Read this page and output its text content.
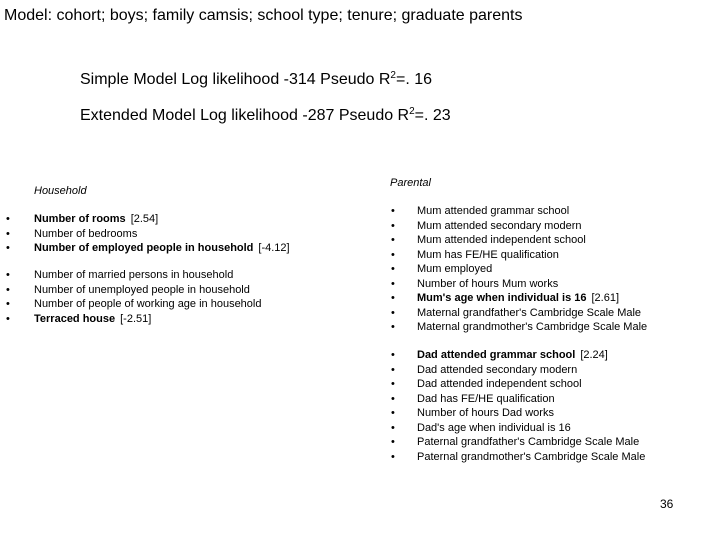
Model: cohort; boys; family camsis; school type; tenure; graduate parents
Simple Model Log likelihood -314 Pseudo $R^2=$. 16
Extended Model Log likelihood -287 Pseudo $R^2=$. 23
Household
• Number of rooms [2.54]
• Number of bedrooms
• Number of employed people in household [-4.12]
• Number of married persons in household
• Number of unemployed people in household
• Number of people of working age in household
• Terraced house [-2.51]
Parental
• Mum attended grammar school
• Mum attended secondary modern
• Mum attended independent school
• Mum has FE/HE qualification
• Mum employed
• Number of hours Mum works
• Mum's age when individual is 16 [2.61]
• Maternal grandfather's Cambridge Scale Male
• Maternal grandmother's Cambridge Scale Male
• Dad attended grammar school [2.24]
• Dad attended secondary modern
• Dad attended independent school
• Dad has FE/HE qualification
• Number of hours Dad works
• Dad's age when individual is 16
• Paternal grandfather's Cambridge Scale Male
• Paternal grandmother's Cambridge Scale Male
36
